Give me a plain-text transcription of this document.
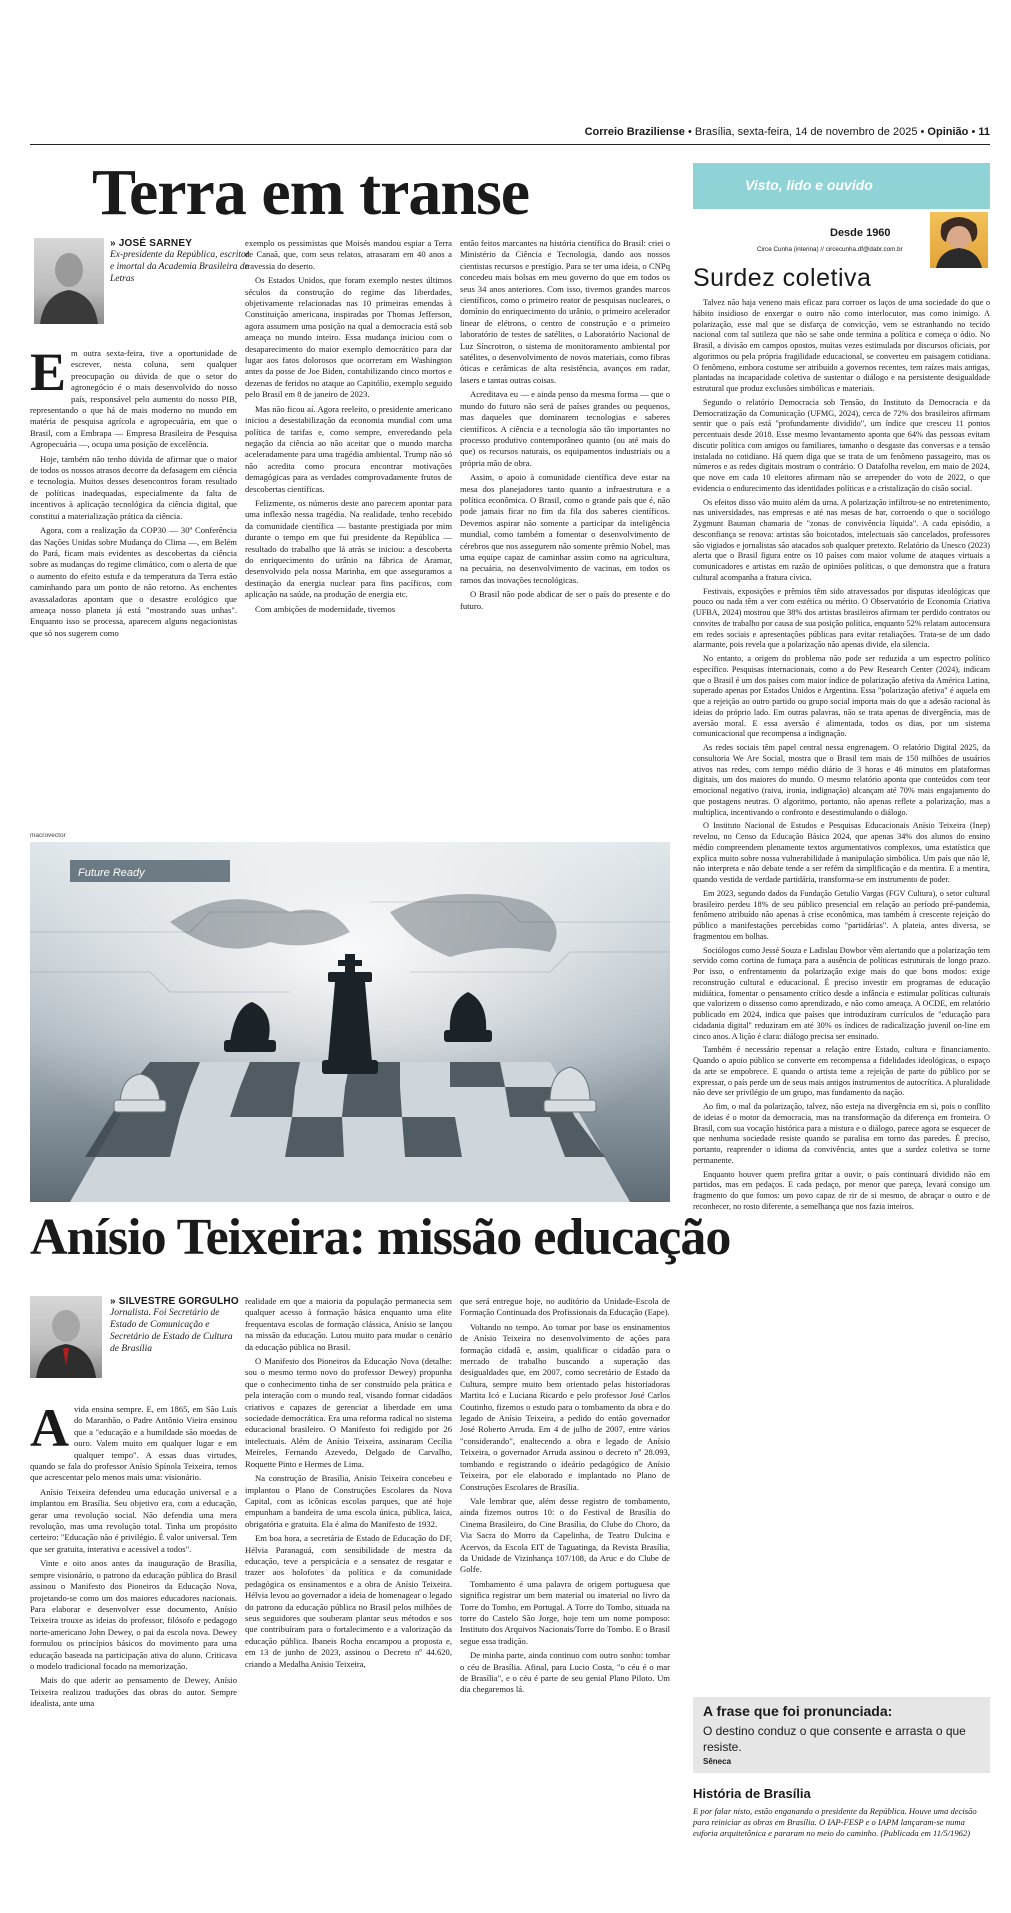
Correio Braziliense • Brasília, sexta-feira, 14 de novembro de 2025 • Opinião • 11
Terra em transe
» JOSÉ SARNEY
Ex-presidente da República, escritor e imortal da Academia Brasileira de Letras
E m outra sexta-feira, tive a oportunidade de escrever, nesta coluna, sem qualquer preocupação ou dúvida de que o setor do agronegócio é o mais desenvolvido do nosso país, responsável pelo aumento do nosso PIB, representando o que há de mais moderno no mundo em matéria de pesquisa agrícola e agropecuária, em que o Brasil, com a Embrapa — Empresa Brasileira de Pesquisa Agropecuária —, ocupa uma posição de excelência.

Hoje, também não tenho dúvida de afirmar que o maior de todos os nossos atrasos decorre da defasagem em ciência e tecnologia. Muitos desses desencontros foram resultado de políticas inadequadas, especialmente da falta de incentivos à aplicação tecnológica da ciência digital, que constitui a materialização prática da ciência.

Agora, com a realização da COP30 — 30ª Conferência das Nações Unidas sobre Mudança do Clima —, em Belém do Pará, ficam mais evidentes as descobertas da ciência sobre as mudanças do regime climático, com o alerta de que o aumento do efeito estufa e da temperatura da Terra estão caminhando para um ponto de não retorno. As enchentes avassaladoras apontam que o desastre ecológico que ameaça nosso planeta já está "mostrando suas unhas". Enquanto isso se processa, aparecem alguns negacionistas que só nos sugerem como

exemplo os pessimistas que Moisés mandou espiar a Terra de Canaã, que, com seus relatos, atrasaram em 40 anos a travessia do deserto.

Os Estados Unidos, que foram exemplo nestes últimos séculos da construção do regime das liberdades, objetivamente relacionadas nas 10 primeiras emendas à Constituição americana, inspiradas por Thomas Jefferson, agora assumem uma posição na qual a democracia está sob ameaça no mundo inteiro. Essa mudança iniciou com o desaparecimento do maior exemplo democrático para dar lugar aos fatos dolorosos que ocorreram em Washington antes da posse de Joe Biden, contabilizando cinco mortos e dezenas de feridos no ataque ao Capitólio, exemplo seguido pelo Brasil em 8 de janeiro de 2023.

Mas não ficou aí. Agora reeleito, o presidente americano iniciou a desestabilização da economia mundial com uma política de tarifas e, como sempre, enveredando pela negação da ciência ao não aceitar que o mundo marcha aceleradamente para uma tragédia ambiental. Trump não só não acredita como procura encontrar motivações demagógicas para as verdades comprovadamente frutos de descobertas científicas.

Felizmente, os números deste ano parecem apontar para uma inflexão nessa tragédia. Na realidade, tenho recebido da comunidade científica — bastante prestigiada por mim durante o tempo em que fui presidente da República — resultado do trabalho que lá atrás se iniciou: a descoberta do enriquecimento do urânio na fábrica de Aramar, desenvolvido pela nossa Marinha, em que asseguramos a destinação da energia nuclear para fins pacíficos, com aplicação na saúde, na produção de energia etc.

Com ambições de modernidade, tivemos

então feitos marcantes na história científica do Brasil: criei o Ministério da Ciência e Tecnologia, dando aos nossos cientistas recursos e prestígio. Para se ter uma ideia, o CNPq concedeu mais bolsas em meu governo do que em todos os seus 34 anos anteriores. Com isso, tivemos grandes marcos científicos, como o primeiro reator de pesquisas nucleares, o domínio do enriquecimento do urânio, o primeiro acelerador linear de elétrons, o centro de construção e o primeiro laboratório de testes de satélites, o Laboratório Nacional de Luz Síncrotron, o sistema de monitoramento ambiental por satélites, o desenvolvimento de novos materiais, como fibras óticas e cerâmicas de alta resistência, avanços em radar, lasers e tantas outras coisas.

Acreditava eu — e ainda penso da mesma forma — que o mundo do futuro não será de países grandes ou pequenos, mas daqueles que dominarem tecnologias e saberes científicos. A ciência e a tecnologia são tão importantes no processo produtivo contemporâneo quanto (ou até mais do que) os recursos naturais, os equipamentos industriais ou a própria mão de obra.

Assim, o apoio à comunidade científica deve estar na mesa dos planejadores tanto quanto a infraestrutura e a política econômica. O Brasil, como o grande país que é, não pode jamais ficar no fim da fila dos saberes científicos. Devemos aspirar não somente a participar da inteligência mundial, como também a fomentar o desenvolvimento de cérebros que nos assegurem não somente prêmio Nobel, mas uma equipe capaz de caminhar assim como na agricultura, na pecuária, no desenvolvimento de vacinas, em todos os ramos das inovações tecnológicas.

O Brasil não pode abdicar de ser o país do presente e do futuro.

macrovector
Future Ready
Anísio Teixeira: missão educação
» SILVESTRE GORGULHO
Jornalista. Foi Secretário de Estado de Comunicação e Secretário de Estado de Cultura de Brasília
A vida ensina sempre. E, em 1865, em São Luís do Maranhão, o Padre Antônio Vieira ensinou que a "educação e a humildade são moedas de ouro. Valem muito em qualquer lugar e em qualquer tempo". A essas duas virtudes, quando se fala do professor Anísio Spínola Teixeira, temos que acrescentar pelo menos mais uma: visionário.

Anísio Teixeira defendeu uma educação universal e a implantou em Brasília. Seu objetivo era, com a educação, gerar uma revolução social. Não defendia uma mera revolução, mas uma revolução total. Tinha um propósito certeiro: "Educação não é privilégio. É valor universal. Tem que ser gratuita, interativa e acessível a todos".

Vinte e oito anos antes da inauguração de Brasília, sempre visionário, o patrono da educação pública do Brasil assinou o Manifesto dos Pioneiros da Educação Nova, projetando-se como um dos maiores educadores nacionais. Para elaborar e desenvolver esse documento, Anísio Teixeira trouxe as ideias do professor, filósofo e pedagogo norte-americano John Dewey, o pai da escola nova. Dewey formulou os princípios básicos do movimento para uma educação baseada na participação ativa do aluno. Criticava o modelo tradicional focado na memorização.

Mais do que aderir ao pensamento de Dewey, Anísio Teixeira realizou traduções das obras do autor. Sempre idealista, ante uma

realidade em que a maioria da população permanecia sem qualquer acesso à formação básica enquanto uma elite frequentava escolas de formação clássica, Anísio se lançou na missão da educação. Lutou muito para mudar o cenário da educação pública no Brasil.

O Manifesto dos Pioneiros da Educação Nova (detalhe: sou o mesmo termo novo do professor Dewey) propunha que o conhecimento tinha de ser construído pela prática e pela interação com o mundo real, visando formar cidadãos criativos e capazes de gerenciar a liberdade em uma sociedade democrática. Era uma reforma radical no sistema educacional brasileiro. O Manifesto foi redigido por 26 intelectuais. Além de Anísio Teixeira, assinaram Cecília Meireles, Fernando Azevedo, Delgado de Carvalho, Roquette Pinto e Hermes de Lima.

Na construção de Brasília, Anísio Teixeira concebeu e implantou o Plano de Construções Escolares da Nova Capital, com as icônicas escolas parques, que até hoje empunham a bandeira de uma escola única, pública, laica, obrigatória e gratuita. Ela é alma do Manifesto de 1932.

Em boa hora, a secretária de Estado de Educação do DF, Hélvia Paranaguá, com sensibilidade de mestra da educação, teve a perspicácia e a sensatez de resgatar e trazer aos holofotes da política e da comunidade pedagógica os ensinamentos e a obra de Anísio Teixeira. Hélvia levou ao governador a ideia de homenagear o legado do patrono da educação pública no Brasil pelos milhões de seus seguidores que souberam plantar seus métodos e sos que contribuíram para o fortalecimento e a valorização da educação pública. Ibaneis Rocha encampou a proposta e, em 13 de junho de 2023, assinou o Decreto nº 44.620, criando a Medalha Anísio Teixeira,

que será entregue hoje, no auditório da Unidade-Escola de Formação Continuada dos Profissionais da Educação (Eape).

Voltando no tempo. Ao tomar por base os ensinamentos de Anísio Teixeira no desenvolvimento de ações para formação cidadã e, assim, qualificar o cidadão para o mercado de trabalho buscando a superação das desigualdades que, em 2007, como secretário de Estado da Cultura, sempre muito bem orientado pelas historiadoras Martita Icó e Luciana Ricardo e pelo professor José Carlos Coutinho, fizemos o estudo para o tombamento da obra e do legado de Anísio Teixeira, a pedido do então governador José Roberto Arruda. Em 4 de julho de 2007, entre vários "considerando", enaltecendo a obra e legado de Anísio Teixeira, o governador Arruda assinou o decreto nº 28.093, tombando e registrando o ideário pedagógico de Anísio Teixeira, por ele elaborado e implantado no Plano de Construções Escolares de Brasília.

Vale lembrar que, além desse registro de tombamento, ainda fizemos outros 10: o do Festival de Brasília do Cinema Brasileiro, do Cine Brasília, do Clube do Choro, da Via Sacra do Morro da Capelinha, de Teatro Dulcina e Acervos, da Escola EIT de Taguatinga, da Revista Brasília, da Unidade de Vizinhança 107/108, da Aruc e do Clube de Golfe.

Tombamento é uma palavra de origem portuguesa que significa registrar um bem material ou imaterial no livro da Torre do Tombo, em Portugal. A Torre do Tombo, situada na torre do Castelo São Jorge, hoje tem um nome pomposo: Instituto dos Arquivos Nacionais/Torre do Tombo. E o Brasil segue essa tradição.

De minha parte, ainda continuo com outro sonho: tombar o céu de Brasília. Afinal, para Lucio Costa, "o céu é o mar de Brasília", e o céu é parte de seu genial Plano Piloto. Um dia chegaremos lá.

Visto, lido e ouvido
Desde 1960
Circe Cunha (interina) // circecunha.df@dabr.com.br
Surdez coletiva

Talvez não haja veneno mais eficaz para corroer os laços de uma sociedade do que o hábito insidioso de enxergar o outro não como interlocutor, mas como inimigo. A polarização, esse mal que se disfarça de convicção, vem se estranhando no tecido nacional com tal sutileza que não se sabe onde termina a política e começa o ódio. No Brasil, a divisão em campos opostos, muitas vezes estimulada por discursos oficiais, por algoritmos ou pela própria fragilidade educacional, se converteu em paisagem cotidiana. O fenômeno, embora costume ser atribuído a governos recentes, tem raízes mais antigas, plantadas na incapacidade coletiva de sustentar o diálogo e na persistente desigualdade estrutural que produz exclusões simbólicas e materiais.

Segundo o relatório Democracia sob Tensão, do Instituto da Democracia e da Democratização da Comunicação (UFMG, 2024), cerca de 72% dos brasileiros afirmam sentir que o país está "profundamente dividido", um índice que cresceu 11 pontos percentuais desde 2018. Esse mesmo levantamento aponta que 64% das pessoas evitam discutir política com amigos ou familiares, tamanho o desgaste das conversas e a tensão instalada no cotidiano. Há quem diga que se trata de um fenômeno passageiro, mas os números e as redes digitais mostram o contrário. O Datafolha revelou, em maio de 2024, que nove em cada 10 eleitores afirmam não se arrepender do voto de 2022, o que evidencia o endurecimento das identidades políticas e a cristalização do cisão social.

Os efeitos disso vão muito além da urna. A polarização infiltrou-se no entretenimento, nas universidades, nas empresas e até nas mesas de bar, corroendo o que o sociólogo Zygmunt Bauman chamaria de "zonas de convivência líquida". A cada episódio, a desconfiança se renova: artistas são boicotados, intelectuais são cancelados, professores são vigiados e jornalistas são atacados sob qualquer pretexto. Relatório da Unesco (2023) alerta que o Brasil figura entre os 10 países com maior volume de ataques virtuais a comunicadores e artistas em razão de opiniões políticas, o que demonstra que a fratura cultural acompanha a fratura cívica.

Festivais, exposições e prêmios têm sido atravessados por disputas ideológicas que pouco ou nada têm a ver com estética ou mérito. O Observatório de Economia Criativa (UFBA, 2024) mostrou que 38% dos artistas brasileiros afirmam ter perdido contratos ou convites de trabalho por causa de sua posição política, enquanto 52% relatam autocensura em redes sociais e apresentações públicas para evitar retaliações. Trata-se de um dado alarmante, pois revela que a polarização não apenas divide, ela silencia.

No entanto, a origem do problema não pode ser reduzida a um espectro político específico. Pesquisas internacionais, como a do Pew Research Center (2024), indicam que o Brasil é um dos países com maior índice de polarização afetiva da América Latina, superado apenas por Estados Unidos e Argentina. Essa "polarização afetiva" é aquela em que a rejeição ao outro partido ou grupo social importa mais do que a adesão racional às ideias do próprio lado. Em outras palavras, não se trata apenas de divergência, mas de aversão moral. E essa aversão é alimentada, todos os dias, por um sistema comunicacional que recompensa a indignação.

As redes sociais têm papel central nessa engrenagem. O relatório Digital 2025, da consultoria We Are Social, mostra que o Brasil tem mais de 150 milhões de usuários ativos nas redes, com tempo médio diário de 3 horas e 46 minutos em plataformas digitais, um dos maiores do mundo. O mesmo relatório aponta que conteúdos com teor emocional negativo (raiva, ironia, indignação) alcançam até 70% mais engajamento do que postagens neutras. O algoritmo, portanto, não apenas reflete a polarização, mas a multiplica, incentivando o confronto e desestimulando o diálogo.

O Instituto Nacional de Estudos e Pesquisas Educacionais Anísio Teixeira (Inep) revelou, no Censo da Educação Básica 2024, que apenas 34% dos alunos do ensino médio compreendem plenamente textos argumentativos complexos, uma estatística que explica muito sobre nossa vulnerabilidade à manipulação simbólica. Um país que não lê, não interpreta e não debate tende a ser refém da simplificação e da mentira. E a mentira, quando vestida de verdade partidária, transforma-se em instrumento de poder.

Em 2023, segundo dados da Fundação Getulio Vargas (FGV Cultura), o setor cultural brasileiro perdeu 18% de seu público presencial em relação ao período pré-pandemia, fenômeno atribuído não apenas à crise econômica, mas também à crescente rejeição do público a manifestações percebidas como "partidárias". A plateia, antes diversa, se fragmentou em bolhas.

Sociólogos como Jessé Souza e Ladislau Dowbor vêm alertando que a polarização tem servido como cortina de fumaça para a ausência de políticas estruturais de longo prazo. Por isso, o enfrentamento da polarização exige mais do que bons modos: exige reconstrução cultural e educacional. É preciso investir em programas de educação midiática, fomentar o pensamento crítico desde a infância e estimular políticas culturais que valorizem o dissenso como aprendizado, e não como ameaça. A OCDE, em relatório publicado em 2024, indica que países que introduziram currículos de "educação para cidadania digital" reduziram em até 30% os índices de radicalização juvenil on-line em cinco anos. A lição é clara: diálogo precisa ser ensinado.

Também é necessário repensar a relação entre Estado, cultura e financiamento. Quando o apoio público se converte em recompensa a fidelidades ideológicas, o espaço da arte se empobrece. E quando o artista teme a rejeição de parte do público por se expressar, o país perde um de seus mais antigos instrumentos de autocrítica. A pluralidade não deve ser privilégio de um grupo, mas fundamento da nação.

Ao fim, o mal da polarização, talvez, não esteja na divergência em si, pois o conflito de ideias é o motor da democracia, mas na transformação da diferença em fronteira. O Brasil, com sua vocação histórica para a mistura e o diálogo, parece agora se esquecer de que nenhuma sociedade resiste quando se paralisa em torno das paredes. É preciso, portanto, reaprender o idioma da convivência, antes que a surdez coletiva se torne permanente.

Enquanto houver quem prefira gritar a ouvir, o país continuará dividido não em partidos, mas em pedaços. E cada pedaço, por menor que pareça, levará consigo um fragmento do que fomos: um povo capaz de rir de si mesmo, de abraçar o outro e de reconhecer, no rosto diferente, a semelhança que nos fazia inteiros.

A frase que foi pronunciada:
O destino conduz o que consente e arrasta o que resiste.
Sêneca
História de Brasília
E por falar nisto, estão enganando o presidente da República. Houve uma decisão para reiniciar as obras em Brasília. O IAP-FESP e o IAPM lançaram-se numa euforia arquitetônica e pararam no meio do caminho. (Publicada em 11/5/1962)
